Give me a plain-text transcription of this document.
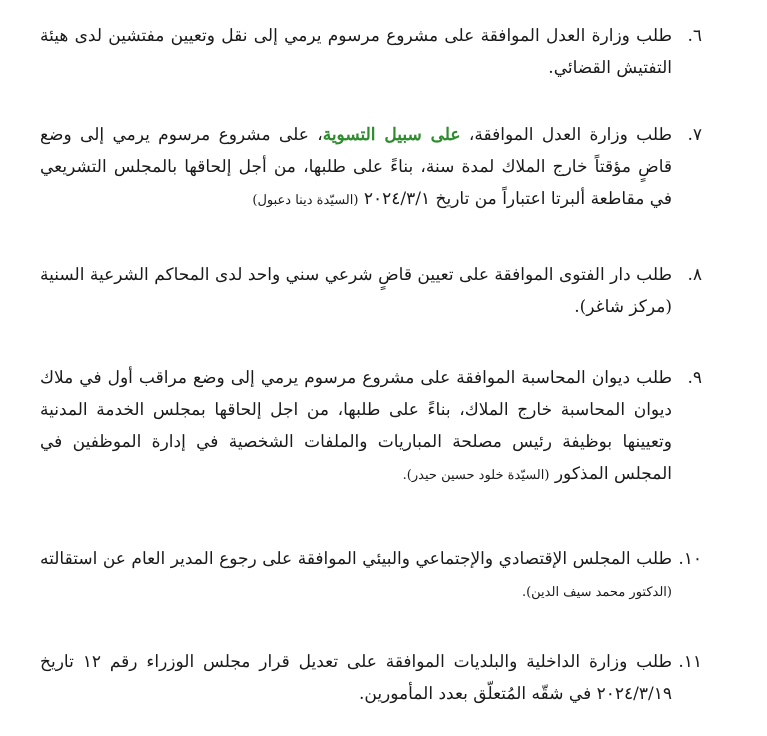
٦.
طلب وزارة العدل الموافقة على مشروع مرسوم يرمي إلى نقل وتعيين مفتشين لدى هيئة التفتيش القضائي.

٧.
طلب وزارة العدل الموافقة، على سبيل التسوية، على مشروع مرسوم يرمي إلى وضع قاضٍ مؤقتاً خارج الملاك لمدة سنة، بناءً على طلبها، من أجل إلحاقها بالمجلس التشريعي في مقاطعة ألبرتا اعتباراً من تاريخ ٢٠٢٤/٣/١ (السيّدة دينا دعبول)

٨.
طلب دار الفتوى الموافقة على تعيين قاضٍ شرعي سني واحد لدى المحاكم الشرعية السنية (مركز شاغر).

٩.
طلب ديوان المحاسبة الموافقة على مشروع مرسوم يرمي إلى وضع مراقب أول في ملاك ديوان المحاسبة خارج الملاك، بناءً على طلبها، من اجل إلحاقها بمجلس الخدمة المدنية وتعيينها بوظيفة رئيس مصلحة المباريات والملفات الشخصية في إدارة الموظفين في المجلس المذكور (السيّدة خلود حسين حيدر).

١٠.
طلب المجلس الإقتصادي والإجتماعي والبيئي الموافقة على رجوع المدير العام عن استقالته (الدكتور محمد سيف الدين).

١١.
طلب وزارة الداخلية والبلديات الموافقة على تعديل قرار مجلس الوزراء رقم ١٢ تاريخ ٢٠٢٤/٣/١٩ في شقّه المُتعلّق بعدد المأمورين.
